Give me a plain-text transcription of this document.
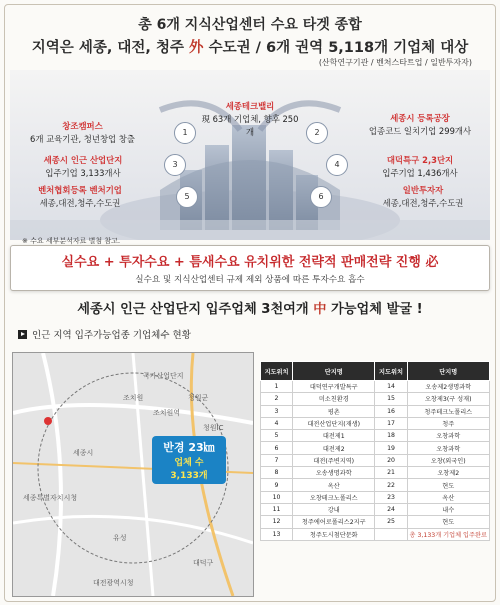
총 6개 지식산업센터 수요 타겟 종합
지역은 세종, 대전, 청주 外 수도권 / 6개 권역 5,118개 기업체 대상
(산학연구기관 / 벤처스타트업 / 일반투자자)
세종테크밸리
現 63개 기업체, 향후 250개
창조캠퍼스
6개 교육기관, 청년창업 창출
1
세종시 등록공장
업종코드 일치기업 299개사
2
세종시 인근 산업단지
입주기업 3,133개사
3	대덕특구 2,3단지
입주기업 1,436개사
4
벤처협회등록 벤처기업
세종,대전,청주,수도권
5
일반투자자
세종,대전,청주,수도권
6
※ 수요 세부분석자료 별첨 참고.
실수요 + 투자수요 + 틈새수요 유치위한 전략적 판매전략 진행 必
실수요 및 지식산업센터 규제 제외 상품에 따른 투자수요 흡수
세종시 인근 산업단지 입주업체 3천여개 中 가능업체 발굴 !
인근 지역 입주가능업종 기업체수 현황
국가산업단지
청원군
세종특별자치시청
청원IC
조치원역
조치원
세종시
대전광역시청
유성
대덕구
반경 23㎞
업체 수
3,133개
지도위치	단지명	지도위치	단지명
1	대덕연구개발특구	14	오송제2생명과학
2	미소친환경	15	오창제3(구 성재)
3	평촌	16	청주테크노폴리스
4	대전산업단지(재생)	17	청주
5	대전제1	18	오창과학
6	대전제2	19	오창과학
7	대전(주변지역)	20	오창(외국인)
8	오송생명과학	21	오창제2
9	옥산	22	현도
10	오창테크노폴리스	23	옥산
11	강내	24	내수
12	청주에어로폴리스2지구	25	현도
13	청주도시첨단문화		총 3,133개 기업체 입주완료
